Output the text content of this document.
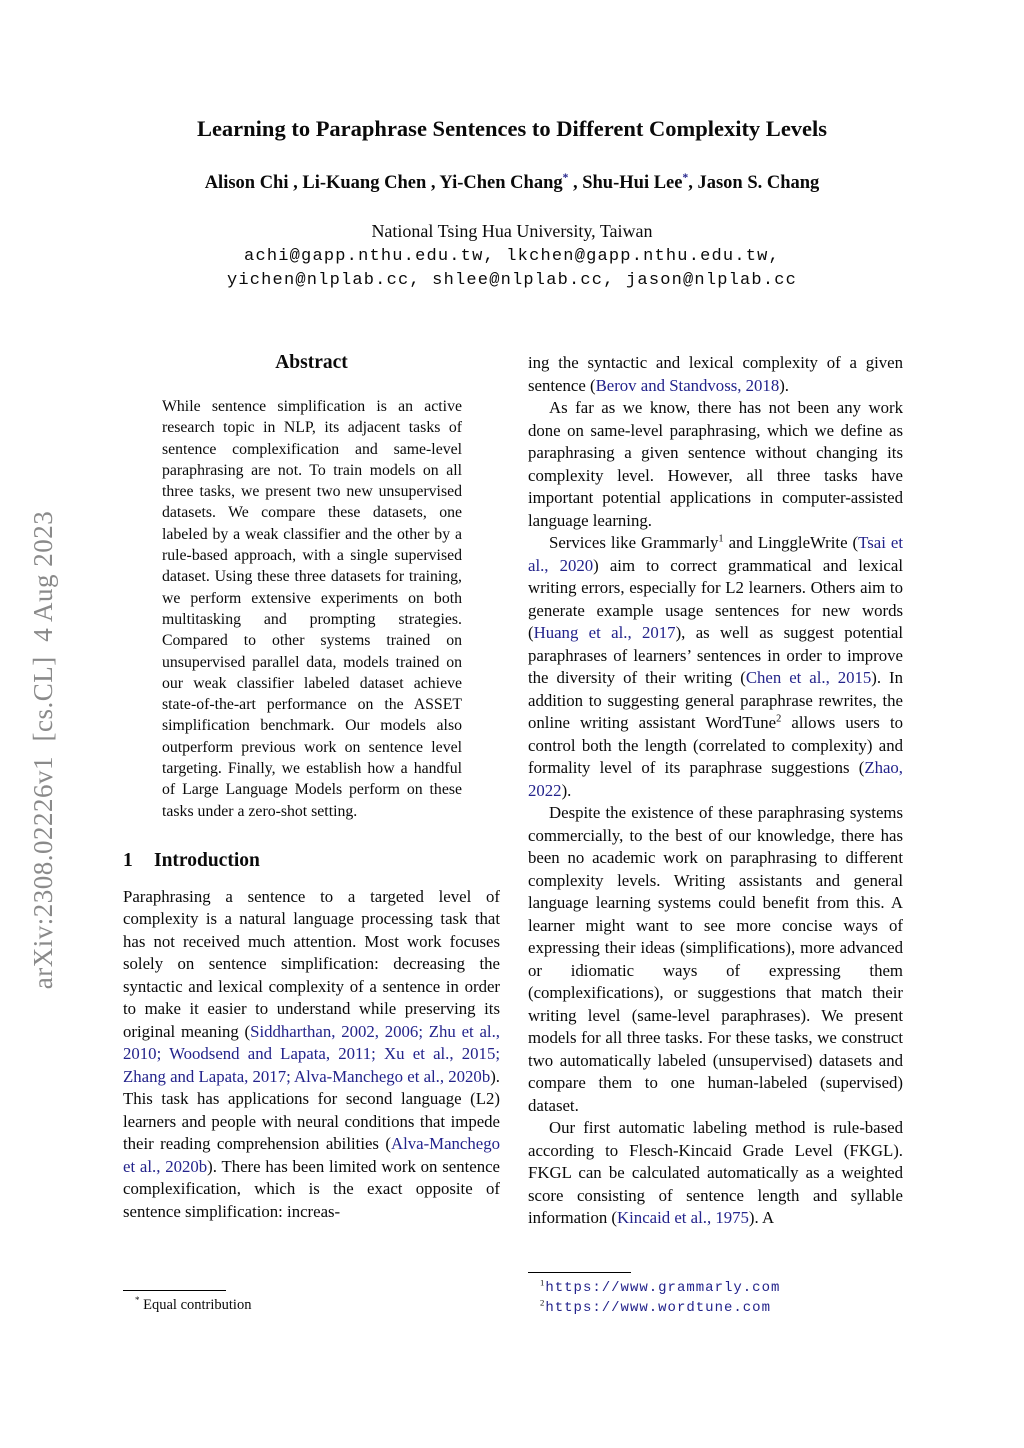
arXiv:2308.02226v1  [cs.CL]  4 Aug 2023
Learning to Paraphrase Sentences to Different Complexity Levels
Alison Chi , Li-Kuang Chen , Yi-Chen Chang* , Shu-Hui Lee*, Jason S. Chang
National Tsing Hua University, Taiwan
achi@gapp.nthu.edu.tw, lkchen@gapp.nthu.edu.tw,
yichen@nlplab.cc, shlee@nlplab.cc, jason@nlplab.cc
Abstract

While sentence simplification is an active research topic in NLP, its adjacent tasks of sentence complexification and same-level paraphrasing are not. To train models on all three tasks, we present two new unsupervised datasets. We compare these datasets, one labeled by a weak classifier and the other by a rule-based approach, with a single supervised dataset. Using these three datasets for training, we perform extensive experiments on both multitasking and prompting strategies. Compared to other systems trained on unsupervised parallel data, models trained on our weak classifier labeled dataset achieve state-of-the-art performance on the ASSET simplification benchmark. Our models also outperform previous work on sentence level targeting. Finally, we establish how a handful of Large Language Models perform on these tasks under a zero-shot setting.

1	Introduction

Paraphrasing a sentence to a targeted level of complexity is a natural language processing task that has not received much attention. Most work focuses solely on sentence simplification: decreasing the syntactic and lexical complexity of a sentence in order to make it easier to understand while preserving its original meaning (Siddharthan, 2002, 2006; Zhu et al., 2010; Woodsend and Lapata, 2011; Xu et al., 2015; Zhang and Lapata, 2017; Alva-Manchego et al., 2020b). This task has applications for second language (L2) learners and people with neural conditions that impede their reading comprehension abilities (Alva-Manchego et al., 2020b). There has been limited work on sentence complexification, which is the exact opposite of sentence simplification: increas-

* Equal contribution

ing the syntactic and lexical complexity of a given sentence (Berov and Standvoss, 2018).

As far as we know, there has not been any work done on same-level paraphrasing, which we define as paraphrasing a given sentence without changing its complexity level. However, all three tasks have important potential applications in computer-assisted language learning.

Services like Grammarly$^1$ and LinggleWrite (Tsai et al., 2020) aim to correct grammatical and lexical writing errors, especially for L2 learners. Others aim to generate example usage sentences for new words (Huang et al., 2017), as well as suggest potential paraphrases of learners’ sentences in order to improve the diversity of their writing (Chen et al., 2015). In addition to suggesting general paraphrase rewrites, the online writing assistant WordTune$^2$ allows users to control both the length (correlated to complexity) and formality level of its paraphrase suggestions (Zhao, 2022).

Despite the existence of these paraphrasing systems commercially, to the best of our knowledge, there has been no academic work on paraphrasing to different complexity levels. Writing assistants and general language learning systems could benefit from this. A learner might want to see more concise ways of expressing their ideas (simplifications), more advanced or idiomatic ways of expressing them (complexifications), or suggestions that match their writing level (same-level paraphrases). We present models for all three tasks. For these tasks, we construct two automatically labeled (unsupervised) datasets and compare them to one human-labeled (supervised) dataset.

Our first automatic labeling method is rule-based according to Flesch-Kincaid Grade Level (FKGL). FKGL can be calculated automatically as a weighted score consisting of sentence length and syllable information (Kincaid et al., 1975). A

$^1$https://www.grammarly.com
$^2$https://www.wordtune.com
